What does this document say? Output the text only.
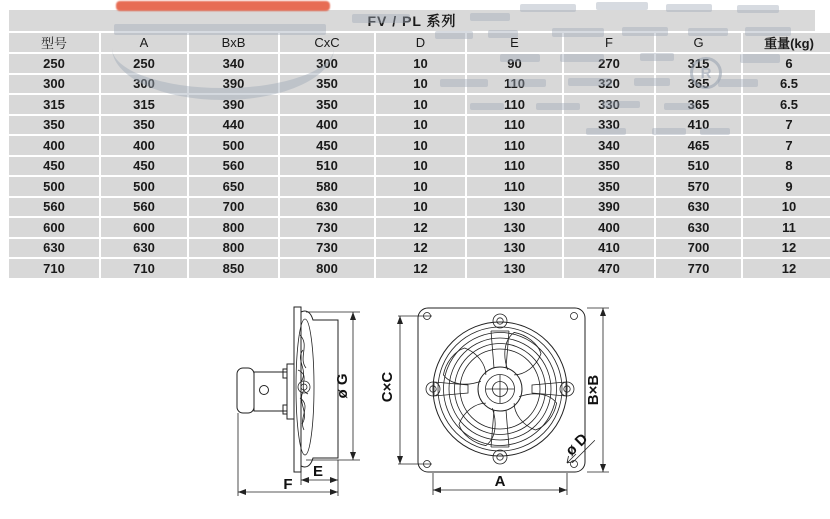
R
FV / PL 系列
型号	A	BxB	CxC	D	E	F	G	重量(kg)
250	250	340	300	10	90	270	315	6
300	300	390	350	10	110	320	365	6.5
315	315	390	350	10	110	330	365	6.5
350	350	440	400	10	110	330	410	7
400	400	500	450	10	110	340	465	7
450	450	560	510	10	110	350	510	8
500	500	650	580	10	110	350	570	9
560	560	700	630	10	130	390	630	10
600	600	800	730	12	130	400	630	11
630	630	800	730	12	130	410	700	12
710	710	850	800	12	130	470	770	12
ø G
E
F
C×C	B×B
A
ø D
